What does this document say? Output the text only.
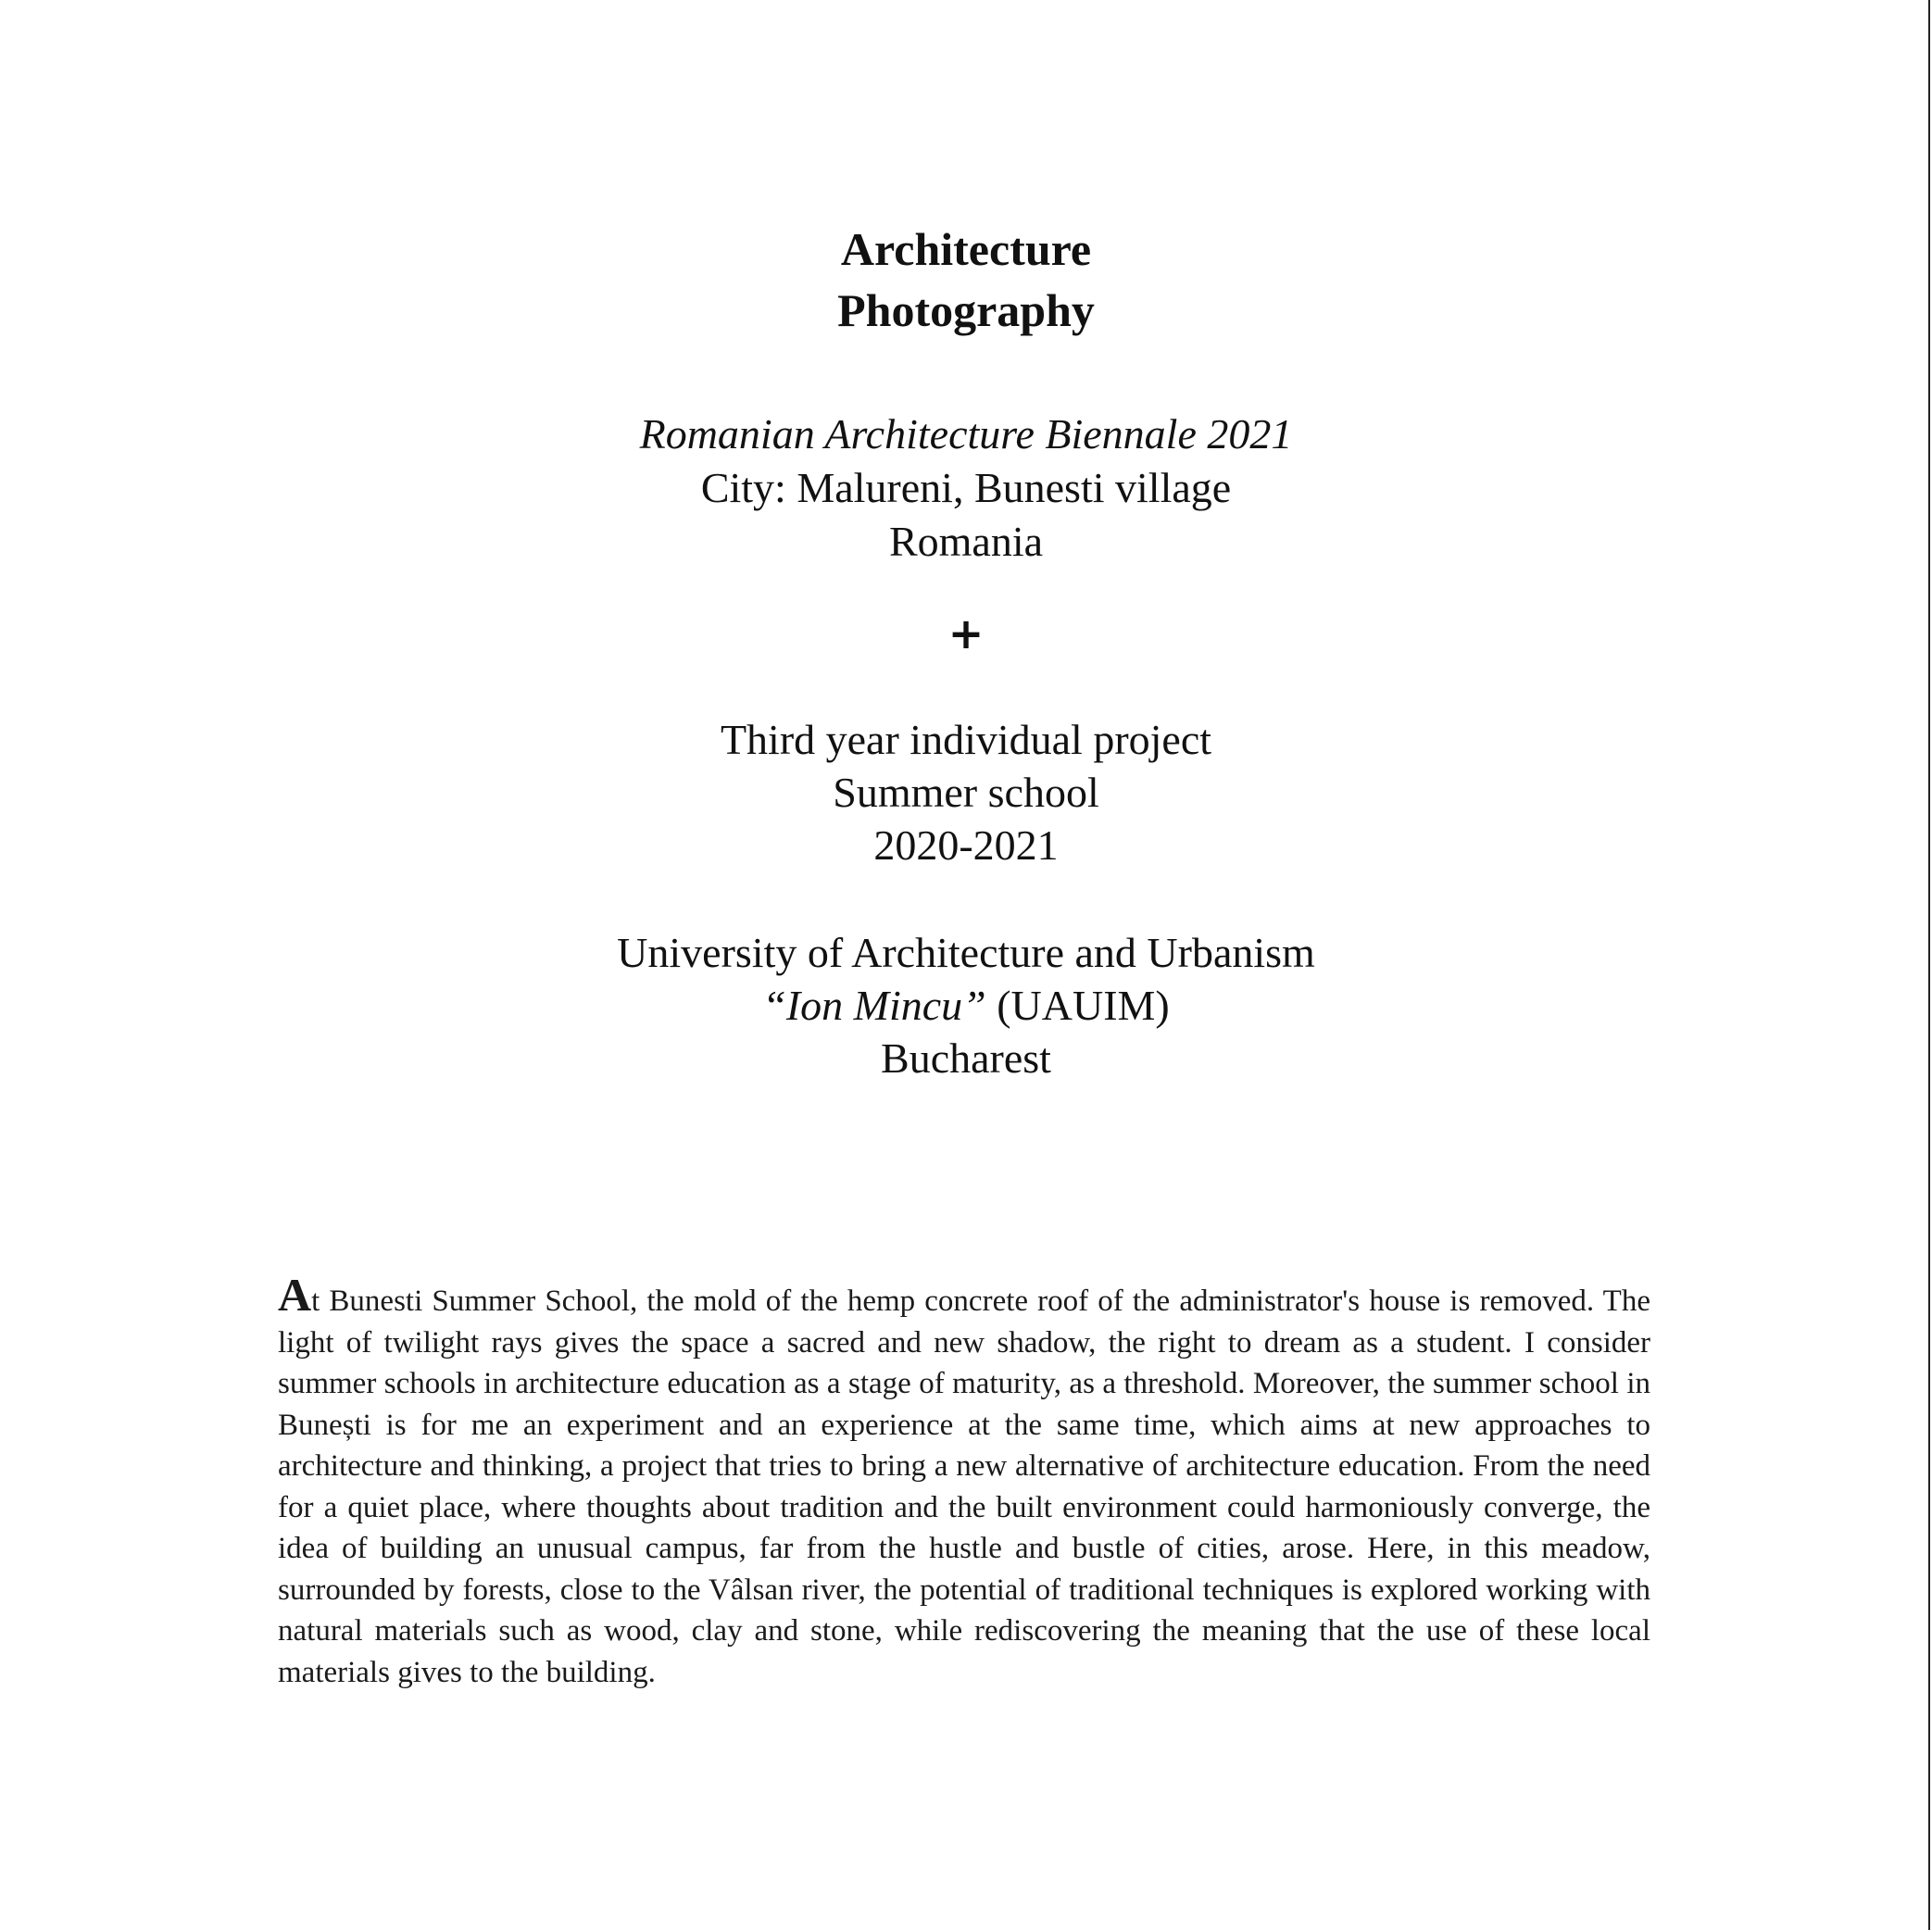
Architecture
Photography
Romanian Architecture Biennale 2021
City: Malureni, Bunesti village
Romania
+
Third year individual project
Summer school
2020-2021
University of Architecture and Urbanism
“Ion Mincu” (UAUIM)
Bucharest
At Bunesti Summer School, the mold of the hemp concrete roof of the administrator's house is removed. The light of twilight rays gives the space a sacred and new shadow, the right to dream as a student. I consider summer schools in architecture education as a stage of maturity, as a threshold. Moreover, the summer school in Bunești is for me an experiment and an experience at the same time, which aims at new approaches to architecture and thinking, a project that tries to bring a new alternative of architecture education. From the need for a quiet place, where thoughts about tradition and the built environment could harmoniously converge, the idea of building an unusual campus, far from the hustle and bustle of cities, arose. Here, in this meadow, surrounded by forests, close to the Vâlsan river, the potential of traditional techniques is explored working with natural materials such as wood, clay and stone, while rediscovering the meaning that the use of these local materials gives to the building.
